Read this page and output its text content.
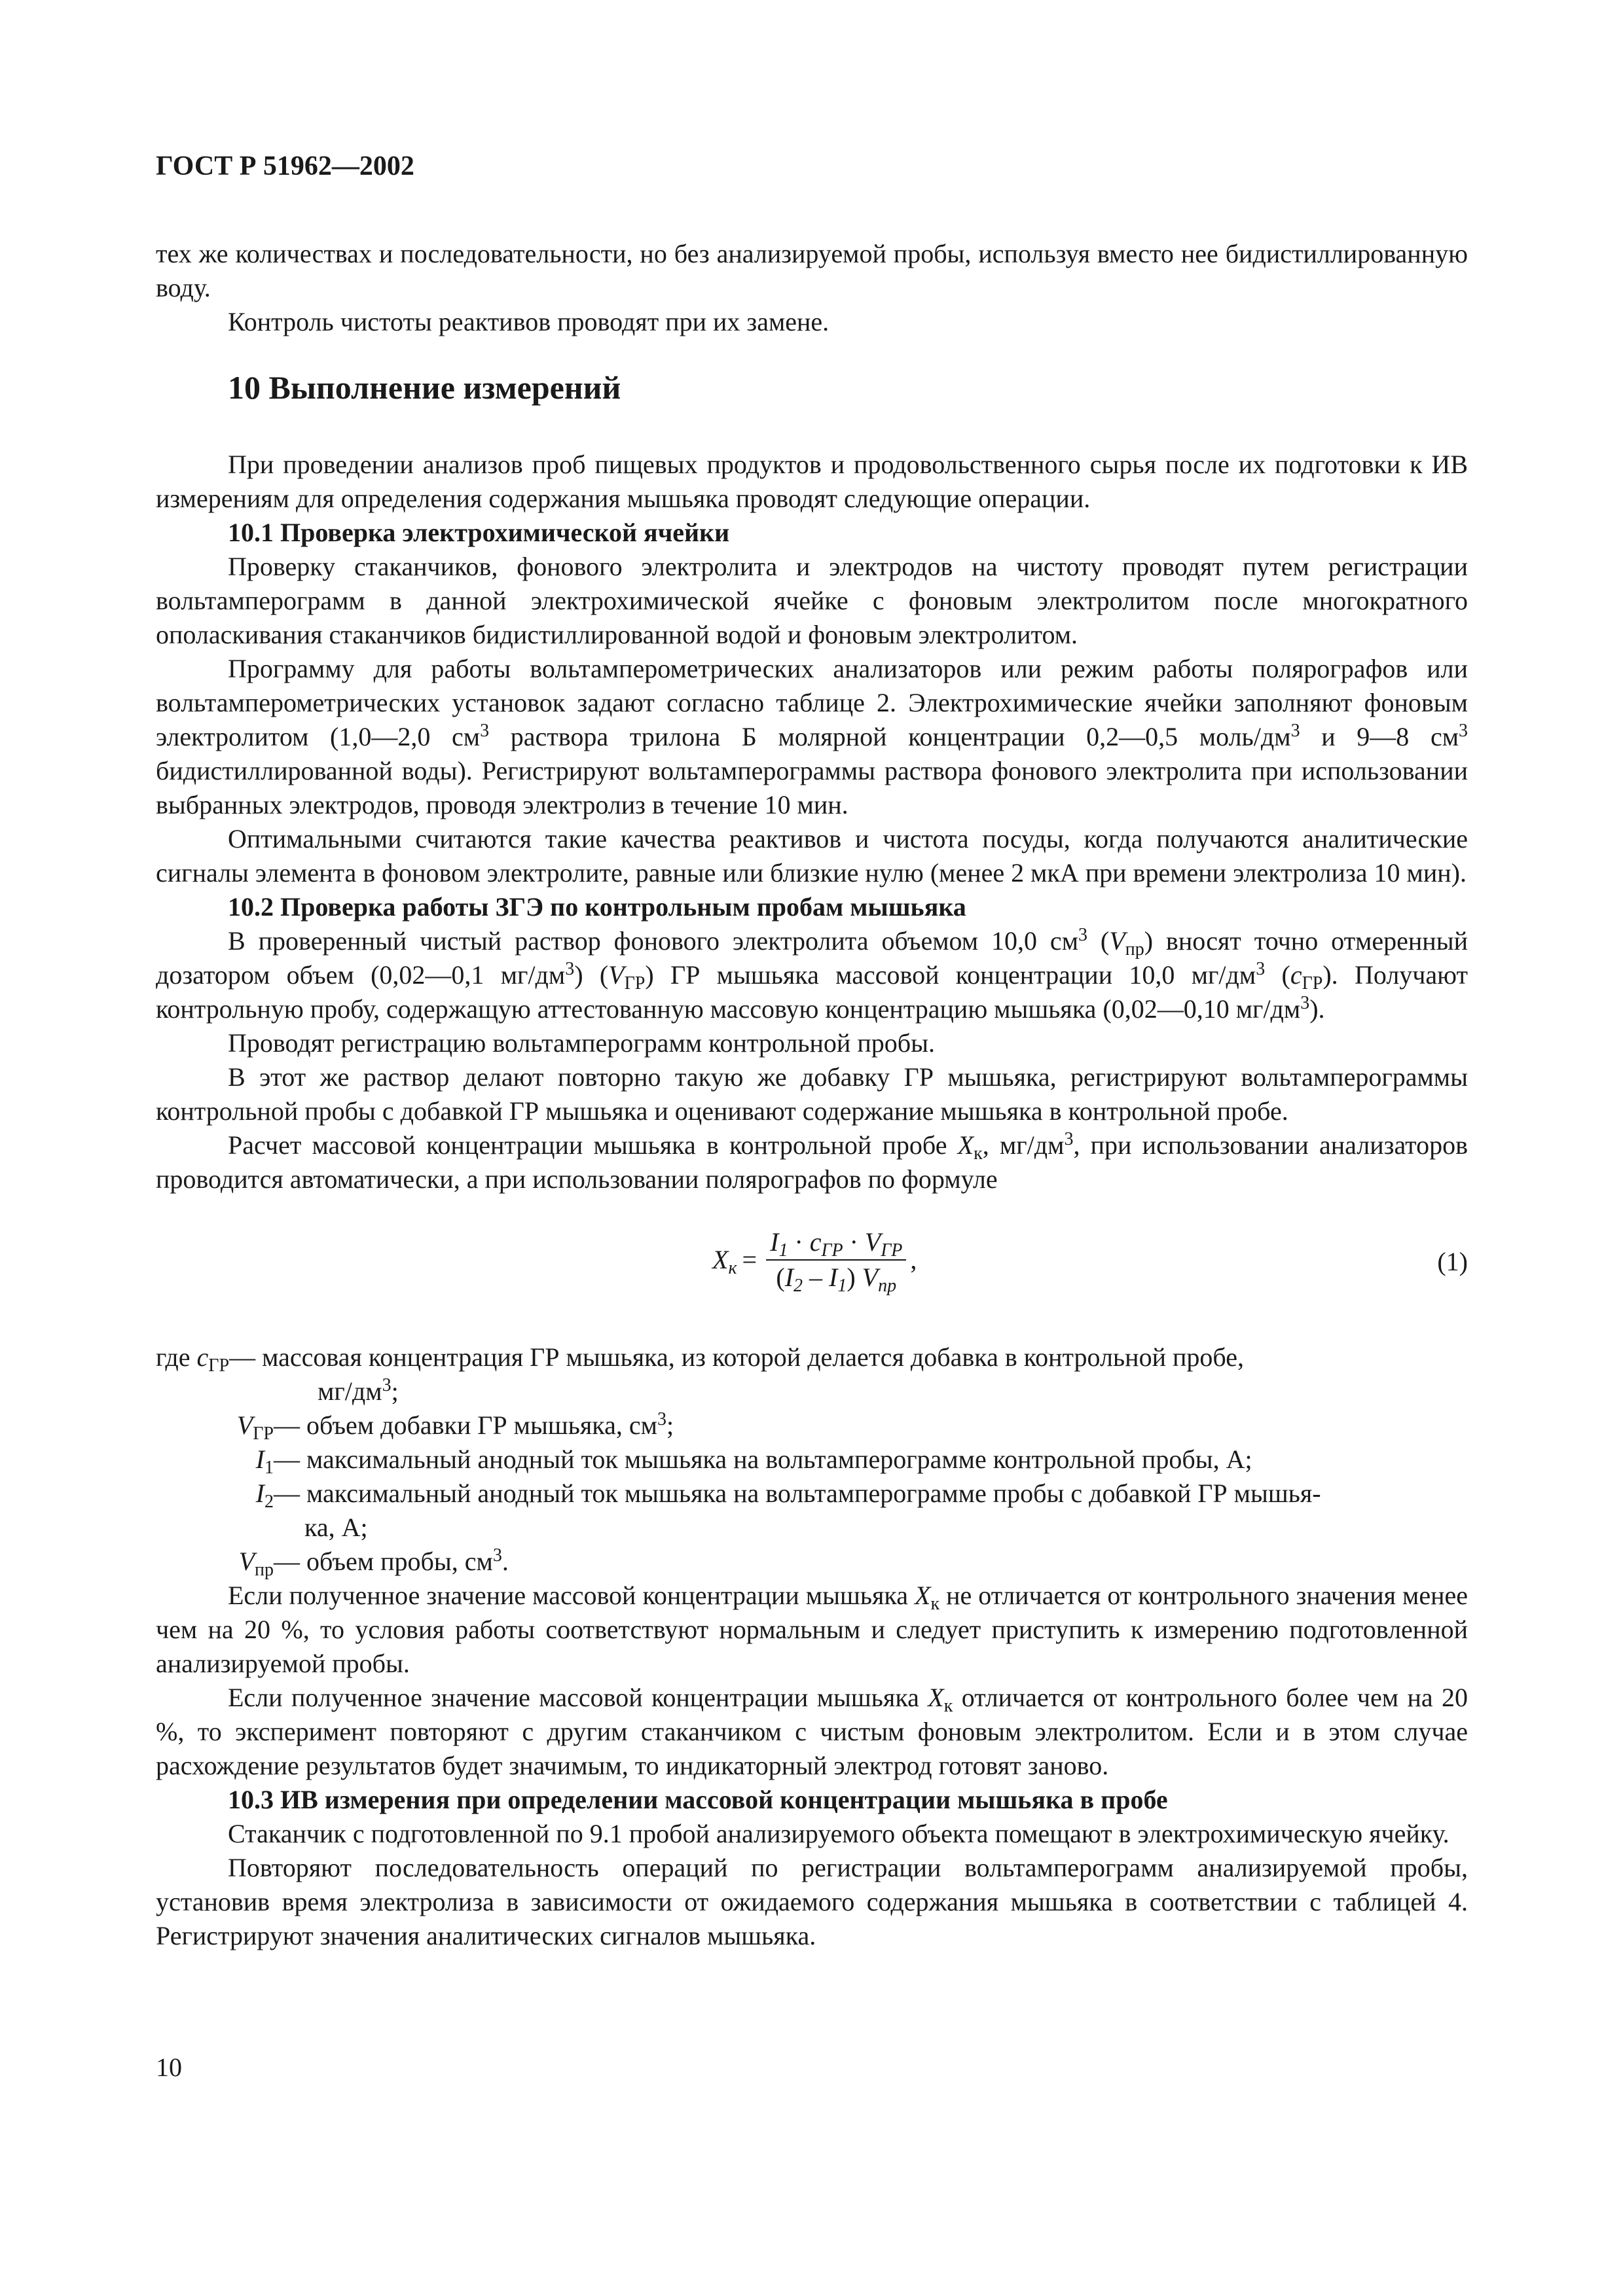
ГОСТ Р 51962—2002

тех же количествах и последовательности, но без анализируемой пробы, используя вместо нее бидистиллированную воду.

Контроль чистоты реактивов проводят при их замене.

10 Выполнение измерений

При проведении анализов проб пищевых продуктов и продовольственного сырья после их подготовки к ИВ измерениям для определения содержания мышьяка проводят следующие операции.

10.1 Проверка электрохимической ячейки

Проверку стаканчиков, фонового электролита и электродов на чистоту проводят путем регистрации вольтамперограмм в данной электрохимической ячейке с фоновым электролитом после многократного ополаскивания стаканчиков бидистиллированной водой и фоновым электролитом.

Программу для работы вольтамперометрических анализаторов или режим работы полярографов или вольтамперометрических установок задают согласно таблице 2. Электрохимические ячейки заполняют фоновым электролитом (1,0—2,0 $см^3$ раствора трилона Б молярной концентрации 0,2—0,5 моль/$дм^3$ и 9—8 $см^3$ бидистиллированной воды). Регистрируют вольтамперограммы раствора фонового электролита при использовании выбранных электродов, проводя электролиз в течение 10 мин.

Оптимальными считаются такие качества реактивов и чистота посуды, когда получаются аналитические сигналы элемента в фоновом электролите, равные или близкие нулю (менее 2 мкА при времени электролиза 10 мин).

10.2 Проверка работы ЗГЭ по контрольным пробам мышьяка

В проверенный чистый раствор фонового электролита объемом 10,0 $см^3$ $(V_{пр})$ вносят точно отмеренный дозатором объем (0,02—0,1 $мг/дм^3$) $(V_{ГР})$ ГР мышьяка массовой концентрации 10,0 $мг/дм^3$ $(c_{ГР})$. Получают контрольную пробу, содержащую аттестованную массовую концентрацию мышьяка (0,02—0,10 $мг/дм^3$).

Проводят регистрацию вольтамперограмм контрольной пробы.

В этот же раствор делают повторно такую же добавку ГР мышьяка, регистрируют вольтамперограммы контрольной пробы с добавкой ГР мышьяка и оценивают содержание мышьяка в контрольной пробе.

Расчет массовой концентрации мышьяка в контрольной пробе $X_к$, $мг/дм^3$, при использовании анализаторов проводится автоматически, а при использовании полярографов по формуле

$X_к = \frac{I_1 \cdot c_{ГР} \cdot V_{ГР}}{(I_2 - I_1) V_{пр}}$ ,	(1)
где $c_{ГР}$ — массовая концентрация ГР мышьяка, из которой делается добавка в контрольной пробе,
$мг/дм^3$;
$V_{ГР}$ — объем добавки ГР мышьяка, $см^3$;
$I_1$ — максимальный анодный ток мышьяка на вольтамперограмме контрольной пробы, А;
$I_2$ — максимальный анодный ток мышьяка на вольтамперограмме пробы с добавкой ГР мышья-
ка, А;
$V_{пр}$ — объем пробы, $см^3$.

Если полученное значение массовой концентрации мышьяка $X_к$ не отличается от контрольного значения менее чем на 20 %, то условия работы соответствуют нормальным и следует приступить к измерению подготовленной анализируемой пробы.

Если полученное значение массовой концентрации мышьяка $X_к$ отличается от контрольного более чем на 20 %, то эксперимент повторяют с другим стаканчиком с чистым фоновым электролитом. Если и в этом случае расхождение результатов будет значимым, то индикаторный электрод готовят заново.

10.3 ИВ измерения при определении массовой концентрации мышьяка в пробе

Стаканчик с подготовленной по 9.1 пробой анализируемого объекта помещают в электрохимическую ячейку.

Повторяют последовательность операций по регистрации вольтамперограмм анализируемой пробы, установив время электролиза в зависимости от ожидаемого содержания мышьяка в соответствии с таблицей 4. Регистрируют значения аналитических сигналов мышьяка.

10
